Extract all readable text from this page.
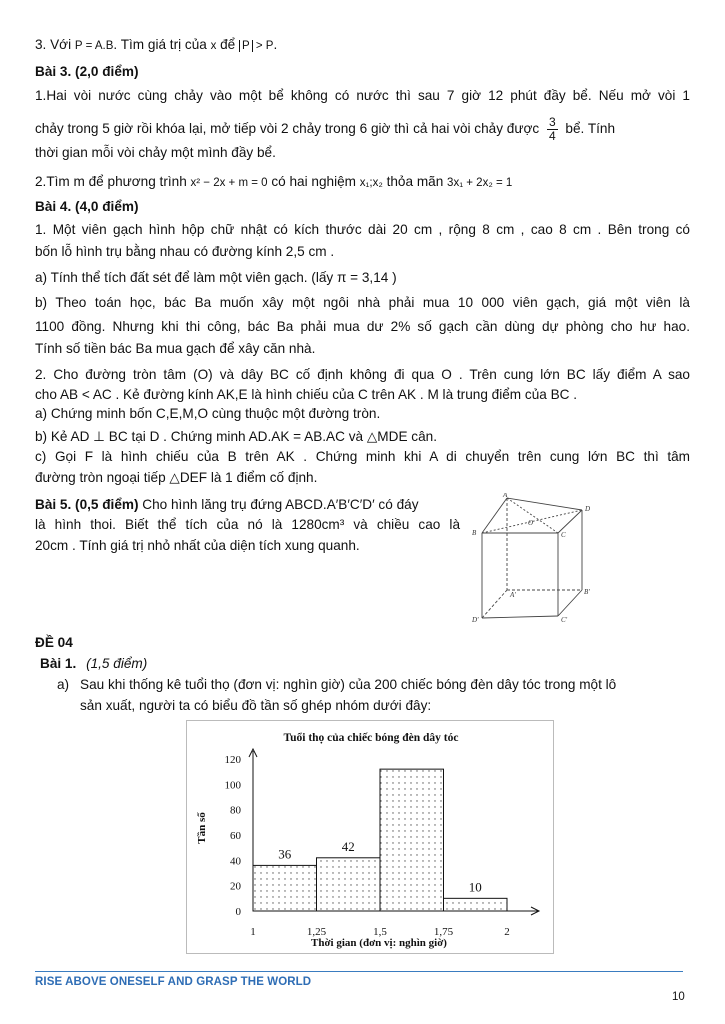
3. Với P = A.B. Tìm giá trị của x để P > P.
Bài 3. (2,0 điểm)
1.Hai vòi nước cùng chảy vào một bể không có nước thì sau 7 giờ 12 phút đầy bể. Nếu mở vòi 1
chảy trong 5 giờ rồi khóa lại, mở tiếp vòi 2 chảy trong 6 giờ thì cả hai vòi chảy được $\frac{3}{4}$ bể. Tính
thời gian mỗi vòi chảy một mình đầy bể.
2.Tìm m để phương trình x² − 2x + m = 0 có hai nghiệm x₁;x₂ thỏa mãn 3x₁ + 2x₂ = 1
Bài 4. (4,0 điểm)
1. Một viên gạch hình hộp chữ nhật có kích thước dài 20 cm , rộng 8 cm , cao 8 cm . Bên trong có
bốn lỗ hình trụ bằng nhau có đường kính 2,5 cm .
a) Tính thể tích đất sét để làm một viên gạch. (lấy π = 3,14 )
b) Theo toán học, bác Ba muốn xây một ngôi nhà phải mua 10 000 viên gạch, giá một viên là
1100 đồng. Nhưng khi thi công, bác Ba phải mua dư 2% số gạch cần dùng dự phòng cho hư hao.
Tính số tiền bác Ba mua gạch để xây căn nhà.
2. Cho đường tròn tâm (O) và dây BC cố định không đi qua O . Trên cung lớn BC lấy điểm A sao
cho AB < AC . Kẻ đường kính AK,E là hình chiếu của C trên AK . M là trung điểm của BC .
a) Chứng minh bốn C,E,M,O cùng thuộc một đường tròn.
b) Kẻ AD ⊥ BC tại D . Chứng minh AD.AK = AB.AC và △MDE cân.
c) Gọi F là hình chiếu của B trên AK . Chứng minh khi A di chuyển trên cung lớn BC thì tâm
đường tròn ngoại tiếp △DEF là 1 điểm cố định.
Bài 5. (0,5 điểm) Cho hình lăng trụ đứng ABCD.A′B′C′D′ có đáy
là hình thoi. Biết thể tích của nó là 1280cm³ và chiều cao là
20cm . Tính giá trị nhỏ nhất của diện tích xung quanh.
A
B	C
D
O
A'	B'
C'
D'
ĐỀ 04
Bài 1. (1,5 điểm)
a) Sau khi thống kê tuổi thọ (đơn vị: nghìn giờ) của 200 chiếc bóng đèn dây tóc trong một lô
sản xuất, người ta có biểu đồ tần số ghép nhóm dưới đây:
Tuổi thọ của chiếc bóng đèn dây tóc
Tần số
Thời gian (đơn vị: nghìn giờ)
0
20
40
60
80
100
120
1	1,25	1,5	1,75	2
36
42
10
RISE ABOVE ONESELF AND GRASP THE WORLD
10
